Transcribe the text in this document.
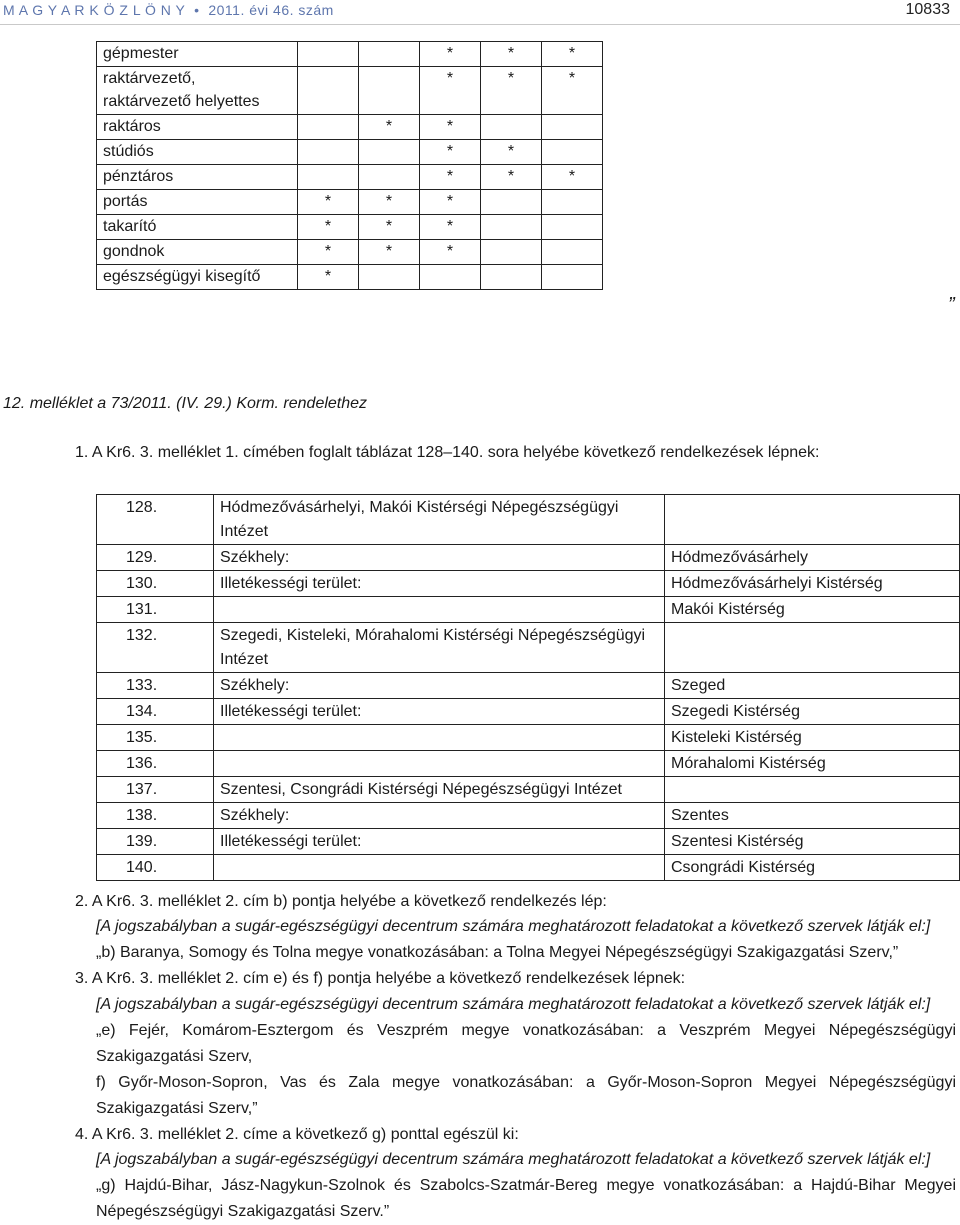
M A G Y A R K Ö Z L Ö N Y • 2011. évi 46. szám	10833
gépmester			*	*	*	
raktárvezető,
raktárvezető helyettes			*	*	*	
raktáros		*	*			
stúdiós			*	*		
pénztáros			*	*	*	
portás	*	*	*			
takarító	*	*	*			
gondnok	*	*	*			
egészségügyi kisegítő	*					
”
12. melléklet a 73/2011. (IV. 29.) Korm. rendelethez
1. A Kr6. 3. melléklet 1. címében foglalt táblázat 128–140. sora helyébe következő rendelkezések lépnek:
128.	Hódmezővásárhelyi, Makói Kistérségi Népegészségügyi Intézet	
129.	Székhely:	Hódmezővásárhely
130.	Illetékességi terület:	Hódmezővásárhelyi Kistérség
131.		Makói Kistérség
132.	Szegedi, Kisteleki, Mórahalomi Kistérségi Népegészségügyi Intézet	
133.	Székhely:	Szeged
134.	Illetékességi terület:	Szegedi Kistérség
135.		Kisteleki Kistérség
136.		Mórahalomi Kistérség
137.	Szentesi, Csongrádi Kistérségi Népegészségügyi Intézet	
138.	Székhely:	Szentes
139.	Illetékességi terület:	Szentesi Kistérség
140.		Csongrádi Kistérség
2. A Kr6. 3. melléklet 2. cím b) pontja helyébe a következő rendelkezés lép:
[A jogszabályban a sugár-egészségügyi decentrum számára meghatározott feladatokat a következő szervek látják el:]
„b) Baranya, Somogy és Tolna megye vonatkozásában: a Tolna Megyei Népegészségügyi Szakigazgatási Szerv,”
3. A Kr6. 3. melléklet 2. cím e) és f) pontja helyébe a következő rendelkezések lépnek:
[A jogszabályban a sugár-egészségügyi decentrum számára meghatározott feladatokat a következő szervek látják el:]
„e) Fejér, Komárom-Esztergom és Veszprém megye vonatkozásában: a Veszprém Megyei Népegészségügyi Szakigazgatási Szerv,
f) Győr-Moson-Sopron, Vas és Zala megye vonatkozásában: a Győr-Moson-Sopron Megyei Népegészségügyi Szakigazgatási Szerv,”
4. A Kr6. 3. melléklet 2. címe a következő g) ponttal egészül ki:
[A jogszabályban a sugár-egészségügyi decentrum számára meghatározott feladatokat a következő szervek látják el:]
„g) Hajdú-Bihar, Jász-Nagykun-Szolnok és Szabolcs-Szatmár-Bereg megye vonatkozásában: a Hajdú-Bihar Megyei Népegészségügyi Szakigazgatási Szerv.”
